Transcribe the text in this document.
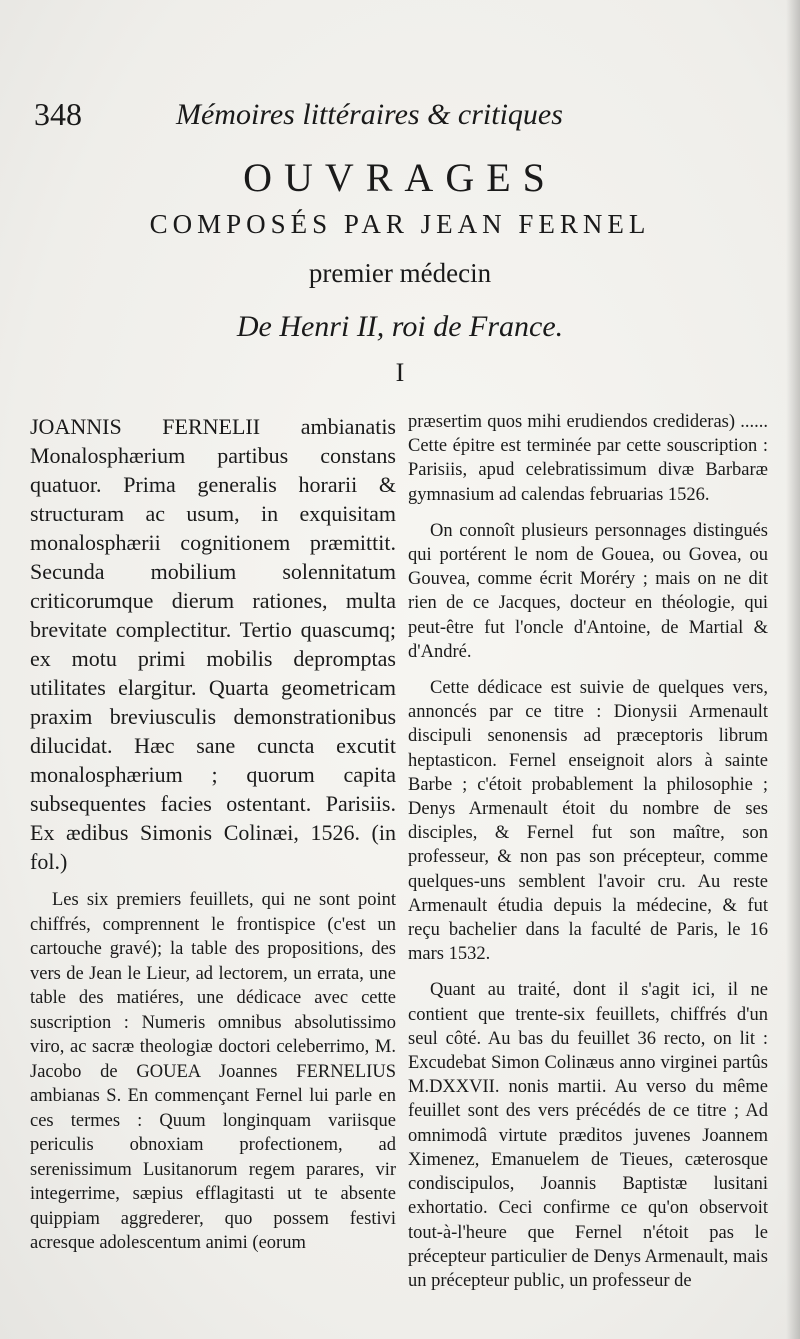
348	Mémoires littéraires & critiques
OUVRAGES
COMPOSÉS PAR JEAN FERNEL
premier médecin
De Henri II, roi de France.
I

JOANNIS FERNELII ambianatis Monalosphærium partibus constans quatuor. Prima generalis horarii & structuram ac usum, in exquisitam monalosphærii cognitionem præmittit. Secunda mobilium solennitatum criticorumque dierum rationes, multa brevitate complectitur. Tertio quascumq; ex motu primi mobilis depromptas utilitates elargitur. Quarta geometricam praxim breviusculis demonstrationibus dilucidat. Hæc sane cuncta excutit monalosphærium ; quorum capita subsequentes facies ostentant. Parisiis. Ex ædibus Simonis Colinæi, 1526. (in fol.)

Les six premiers feuillets, qui ne sont point chiffrés, comprennent le frontispice (c'est un cartouche gravé); la table des propositions, des vers de Jean le Lieur, ad lectorem, un errata, une table des matiéres, une dédicace avec cette suscription : Numeris omnibus absolutissimo viro, ac sacræ theologiæ doctori celeberrimo, M. Jacobo de GOUEA Joannes FERNELIUS ambianas S. En commençant Fernel lui parle en ces termes : Quum longinquam variisque periculis obnoxiam profectionem, ad serenissimum Lusitanorum regem parares, vir integerrime, sæpius efflagitasti ut te absente quippiam aggrederer, quo possem festivi acresque adolescentum animi (eorum

præsertim quos mihi erudiendos credideras) ...... Cette épitre est terminée par cette souscription : Parisiis, apud celebratissimum divæ Barbaræ gymnasium ad calendas februarias 1526.

On connoît plusieurs personnages distingués qui portérent le nom de Gouea, ou Govea, ou Gouvea, comme écrit Moréry ; mais on ne dit rien de ce Jacques, docteur en théologie, qui peut-être fut l'oncle d'Antoine, de Martial & d'André.

Cette dédicace est suivie de quelques vers, annoncés par ce titre : Dionysii Armenault discipuli senonensis ad præceptoris librum heptasticon. Fernel enseignoit alors à sainte Barbe ; c'étoit probablement la philosophie ; Denys Armenault étoit du nombre de ses disciples, & Fernel fut son maître, son professeur, & non pas son précepteur, comme quelques-uns semblent l'avoir cru. Au reste Armenault étudia depuis la médecine, & fut reçu bachelier dans la faculté de Paris, le 16 mars 1532.

Quant au traité, dont il s'agit ici, il ne contient que trente-six feuillets, chiffrés d'un seul côté. Au bas du feuillet 36 recto, on lit : Excudebat Simon Colinæus anno virginei partûs M.DXXVII. nonis martii. Au verso du même feuillet sont des vers précédés de ce titre ; Ad omnimodâ virtute præditos juvenes Joannem Ximenez, Emanuelem de Tieues, cæterosque condiscipulos, Joannis Baptistæ lusitani exhortatio. Ceci confirme ce qu'on observoit tout-à-l'heure que Fernel n'étoit pas le précepteur particulier de Denys Armenault, mais un précepteur public, un professeur de
